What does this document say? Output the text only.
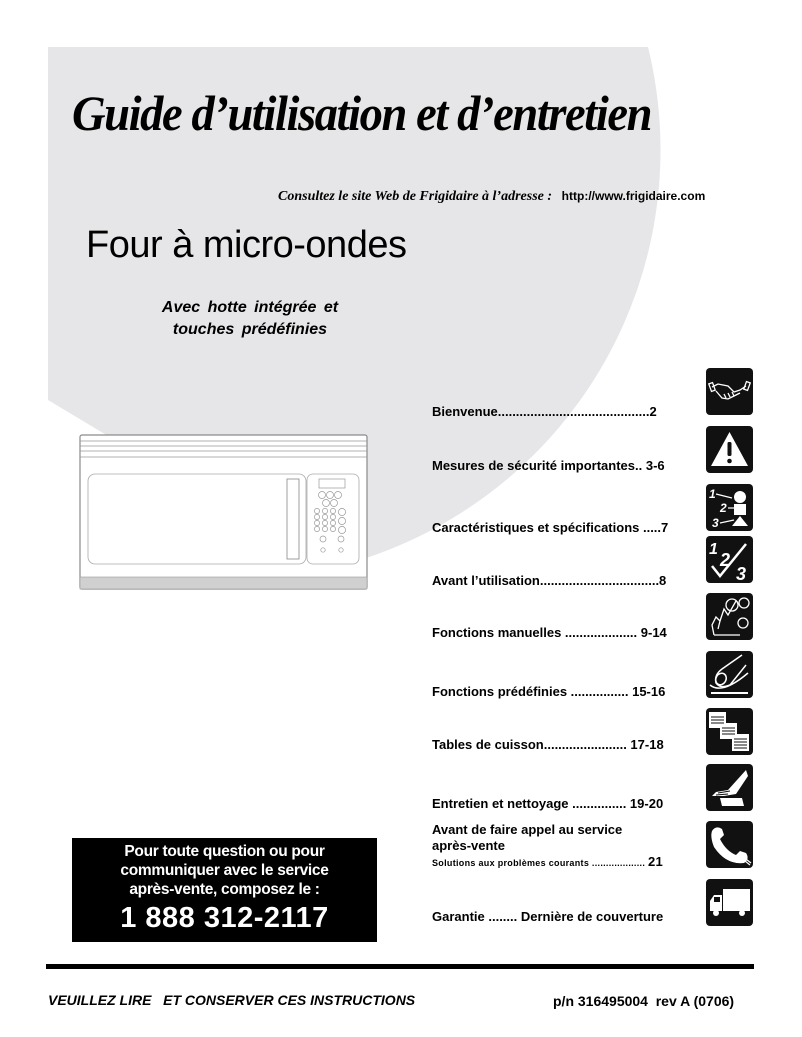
Guide d’utilisation et d’entretien
Consultez le site Web de Frigidaire à l’adresse : http://www.frigidaire.com
Four à micro-ondes
Avec hotte intégrée et
touches prédéfinies
Bienvenue..........................................2
Mesures de sécurité importantes.. 3-6
Caractéristiques et spécifications .....7
1
2
3
Avant l’utilisation.................................8
1
2
3
Fonctions manuelles .................... 9-14
Fonctions prédéfinies ................ 15-16
Tables de cuisson....................... 17-18
Entretien et nettoyage ............... 19-20
Avant de faire appel au service
après-vente
Solutions aux problèmes courants ................... 21
Garantie ........ Dernière de couverture
Pour toute question ou pour
communiquer avec le service
après-vente, composez le :
1 888 312-2117
VEUILLEZ LIRE   ET CONSERVER CES INSTRUCTIONS	p/n 316495004  rev A (0706)
